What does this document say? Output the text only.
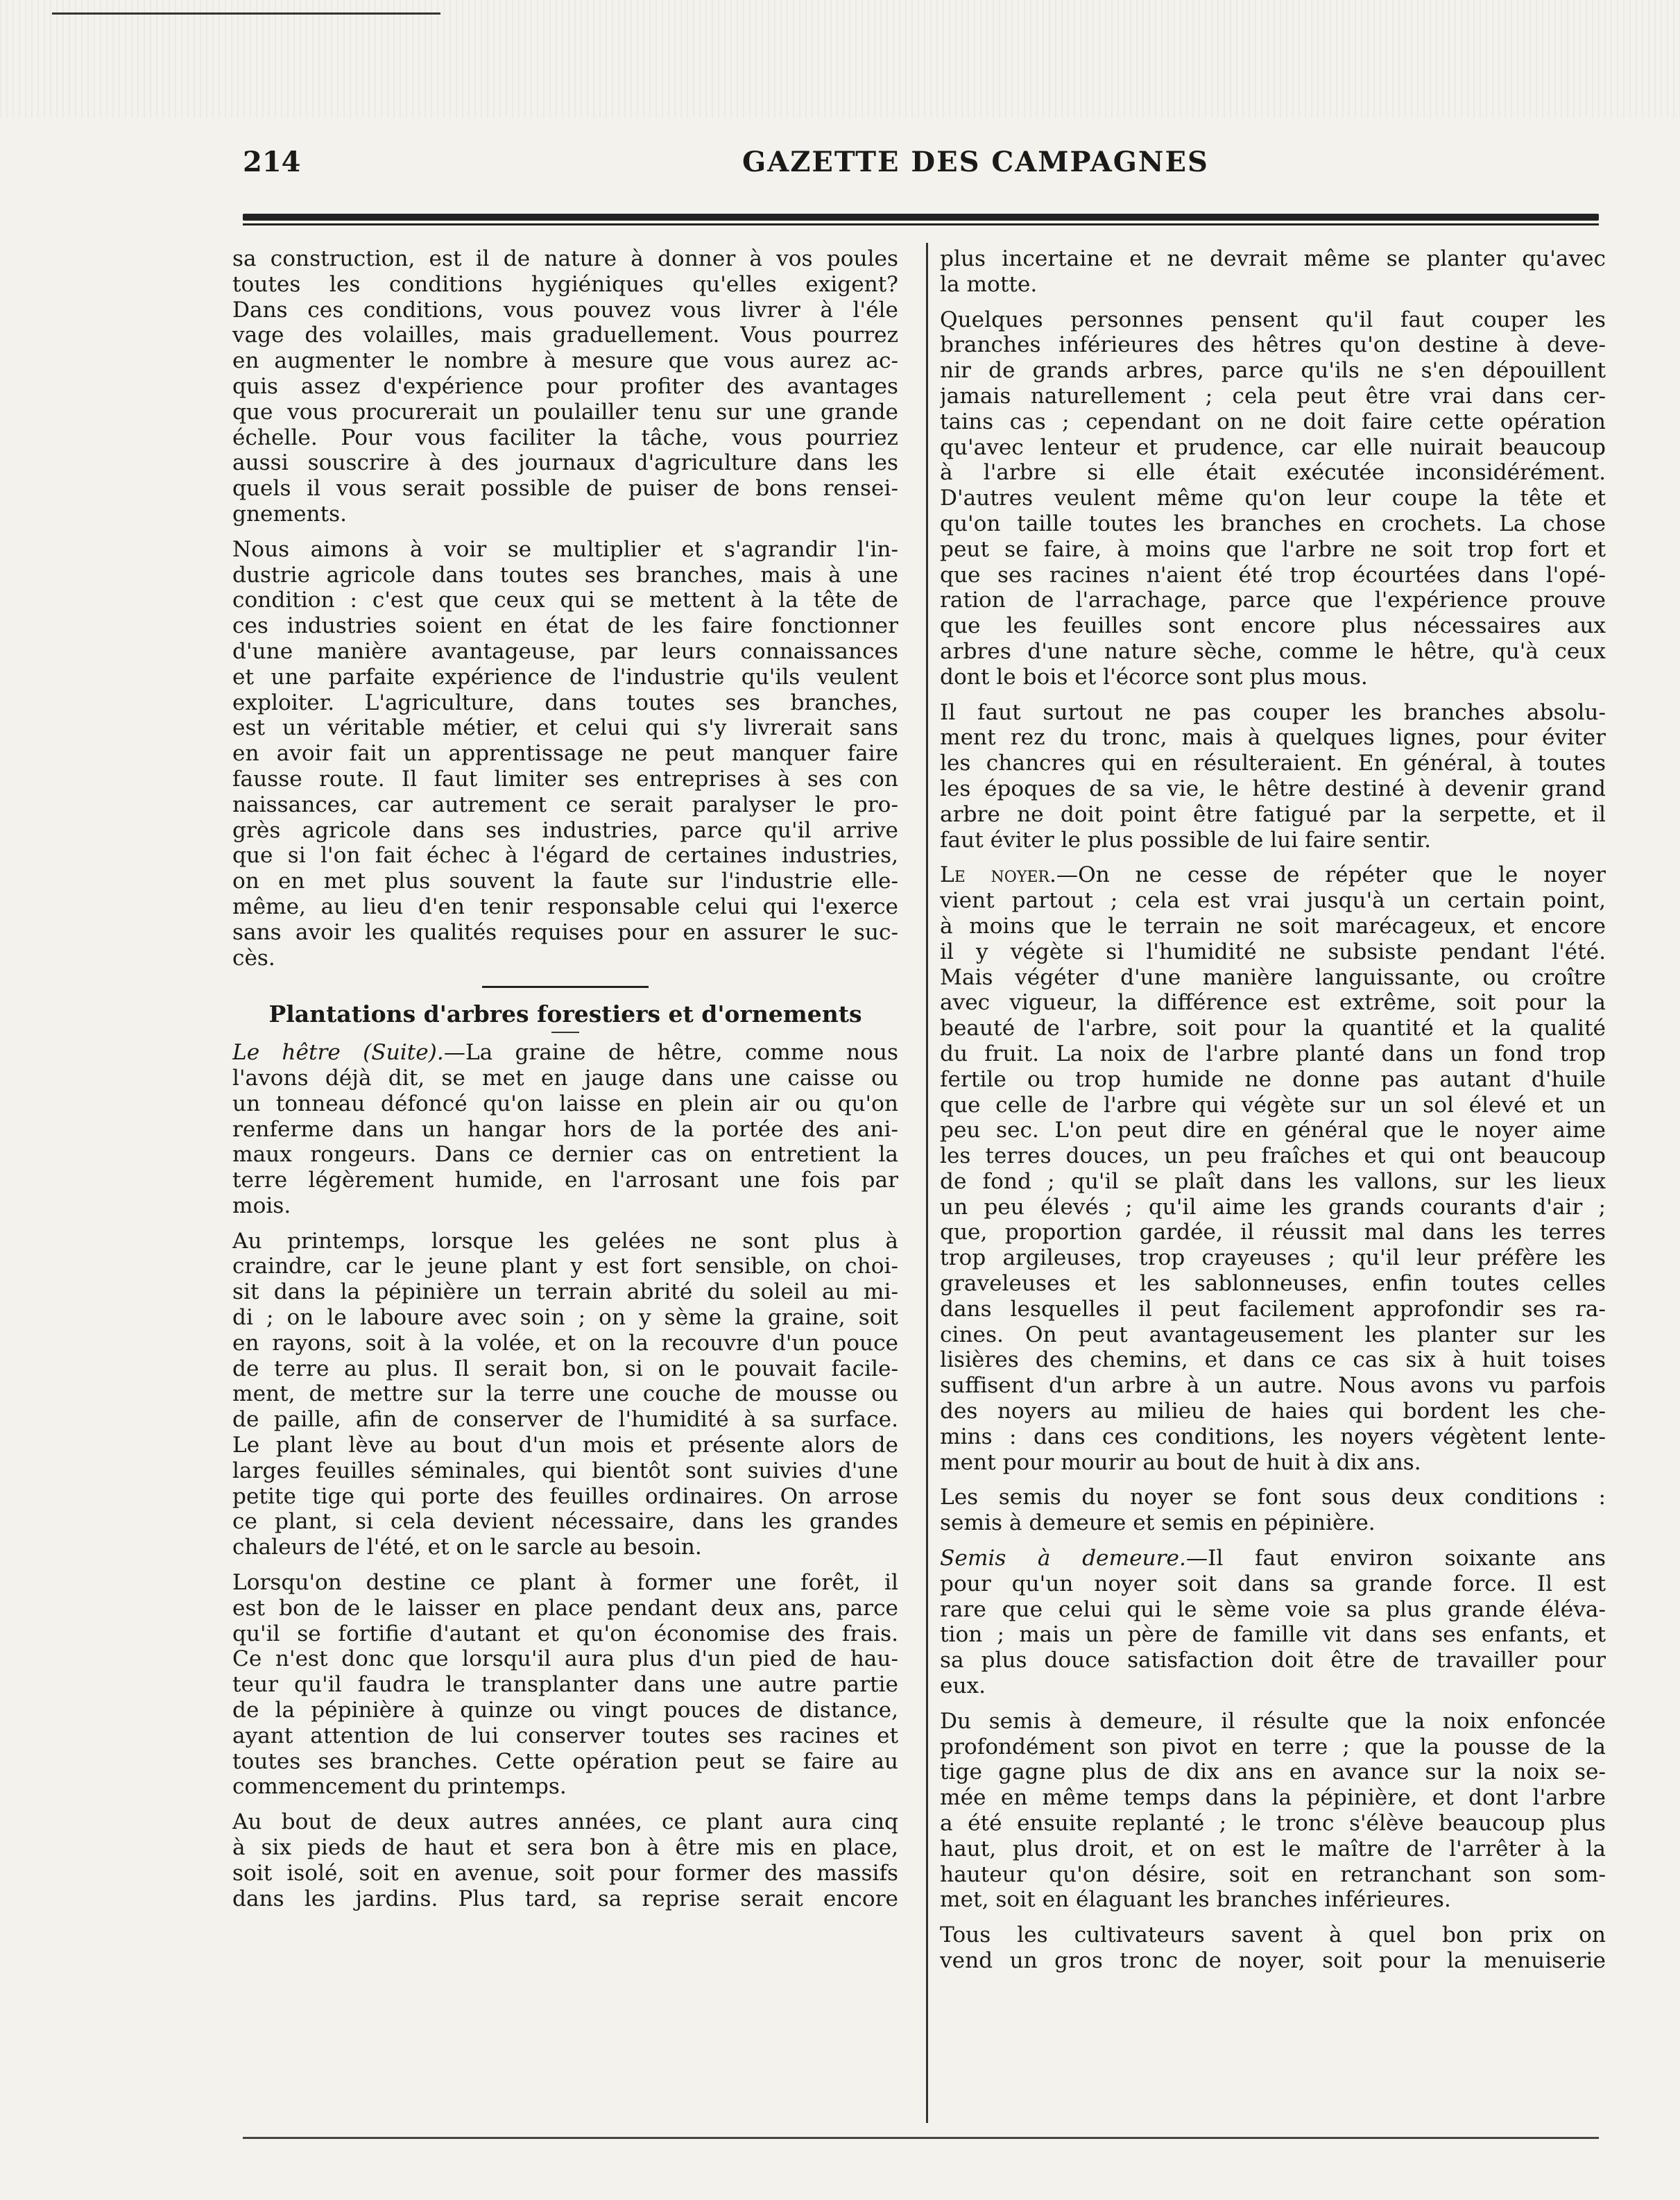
214	GAZETTE DES CAMPAGNES
sa construction, est il de nature à donner à vos poules
toutes les conditions hygiéniques qu'elles exigent?
Dans ces conditions, vous pouvez vous livrer à l'éle
vage des volailles, mais graduellement. Vous pourrez
en augmenter le nombre à mesure que vous aurez ac-
quis assez d'expérience pour profiter des avantages
que vous procurerait un poulailler tenu sur une grande
échelle. Pour vous faciliter la tâche, vous pourriez
aussi souscrire à des journaux d'agriculture dans les
quels il vous serait possible de puiser de bons rensei-
gnements.
Nous aimons à voir se multiplier et s'agrandir l'in-
dustrie agricole dans toutes ses branches, mais à une
condition : c'est que ceux qui se mettent à la tête de
ces industries soient en état de les faire fonctionner
d'une manière avantageuse, par leurs connaissances
et une parfaite expérience de l'industrie qu'ils veulent
exploiter. L'agriculture, dans toutes ses branches,
est un véritable métier, et celui qui s'y livrerait sans
en avoir fait un apprentissage ne peut manquer faire
fausse route. Il faut limiter ses entreprises à ses con
naissances, car autrement ce serait paralyser le pro-
grès agricole dans ses industries, parce qu'il arrive
que si l'on fait échec à l'égard de certaines industries,
on en met plus souvent la faute sur l'industrie elle-
même, au lieu d'en tenir responsable celui qui l'exerce
sans avoir les qualités requises pour en assurer le suc-
cès.
Plantations d'arbres forestiers et d'ornements
Le hêtre (Suite).—La graine de hêtre, comme nous
l'avons déjà dit, se met en jauge dans une caisse ou
un tonneau défoncé qu'on laisse en plein air ou qu'on
renferme dans un hangar hors de la portée des ani-
maux rongeurs. Dans ce dernier cas on entretient la
terre légèrement humide, en l'arrosant une fois par
mois.
Au printemps, lorsque les gelées ne sont plus à
craindre, car le jeune plant y est fort sensible, on choi-
sit dans la pépinière un terrain abrité du soleil au mi-
di ; on le laboure avec soin ; on y sème la graine, soit
en rayons, soit à la volée, et on la recouvre d'un pouce
de terre au plus. Il serait bon, si on le pouvait facile-
ment, de mettre sur la terre une couche de mousse ou
de paille, afin de conserver de l'humidité à sa surface.
Le plant lève au bout d'un mois et présente alors de
larges feuilles séminales, qui bientôt sont suivies d'une
petite tige qui porte des feuilles ordinaires. On arrose
ce plant, si cela devient nécessaire, dans les grandes
chaleurs de l'été, et on le sarcle au besoin.
Lorsqu'on destine ce plant à former une forêt, il
est bon de le laisser en place pendant deux ans, parce
qu'il se fortifie d'autant et qu'on économise des frais.
Ce n'est donc que lorsqu'il aura plus d'un pied de hau-
teur qu'il faudra le transplanter dans une autre partie
de la pépinière à quinze ou vingt pouces de distance,
ayant attention de lui conserver toutes ses racines et
toutes ses branches. Cette opération peut se faire au
commencement du printemps.
Au bout de deux autres années, ce plant aura cinq
à six pieds de haut et sera bon à être mis en place,
soit isolé, soit en avenue, soit pour former des massifs
dans les jardins. Plus tard, sa reprise serait encore
plus incertaine et ne devrait même se planter qu'avec
la motte.
Quelques personnes pensent qu'il faut couper les
branches inférieures des hêtres qu'on destine à deve-
nir de grands arbres, parce qu'ils ne s'en dépouillent
jamais naturellement ; cela peut être vrai dans cer-
tains cas ; cependant on ne doit faire cette opération
qu'avec lenteur et prudence, car elle nuirait beaucoup
à l'arbre si elle était exécutée inconsidérément.
D'autres veulent même qu'on leur coupe la tête et
qu'on taille toutes les branches en crochets. La chose
peut se faire, à moins que l'arbre ne soit trop fort et
que ses racines n'aient été trop écourtées dans l'opé-
ration de l'arrachage, parce que l'expérience prouve
que les feuilles sont encore plus nécessaires aux
arbres d'une nature sèche, comme le hêtre, qu'à ceux
dont le bois et l'écorce sont plus mous.
Il faut surtout ne pas couper les branches absolu-
ment rez du tronc, mais à quelques lignes, pour éviter
les chancres qui en résulteraient. En général, à toutes
les époques de sa vie, le hêtre destiné à devenir grand
arbre ne doit point être fatigué par la serpette, et il
faut éviter le plus possible de lui faire sentir.
Le noyer.—On ne cesse de répéter que le noyer
vient partout ; cela est vrai jusqu'à un certain point,
à moins que le terrain ne soit marécageux, et encore
il y végète si l'humidité ne subsiste pendant l'été.
Mais végéter d'une manière languissante, ou croître
avec vigueur, la différence est extrême, soit pour la
beauté de l'arbre, soit pour la quantité et la qualité
du fruit. La noix de l'arbre planté dans un fond trop
fertile ou trop humide ne donne pas autant d'huile
que celle de l'arbre qui végète sur un sol élevé et un
peu sec. L'on peut dire en général que le noyer aime
les terres douces, un peu fraîches et qui ont beaucoup
de fond ; qu'il se plaît dans les vallons, sur les lieux
un peu élevés ; qu'il aime les grands courants d'air ;
que, proportion gardée, il réussit mal dans les terres
trop argileuses, trop crayeuses ; qu'il leur préfère les
graveleuses et les sablonneuses, enfin toutes celles
dans lesquelles il peut facilement approfondir ses ra-
cines. On peut avantageusement les planter sur les
lisières des chemins, et dans ce cas six à huit toises
suffisent d'un arbre à un autre. Nous avons vu parfois
des noyers au milieu de haies qui bordent les che-
mins : dans ces conditions, les noyers végètent lente-
ment pour mourir au bout de huit à dix ans.
Les semis du noyer se font sous deux conditions :
semis à demeure et semis en pépinière.
Semis à demeure.—Il faut environ soixante ans
pour qu'un noyer soit dans sa grande force. Il est
rare que celui qui le sème voie sa plus grande éléva-
tion ; mais un père de famille vit dans ses enfants, et
sa plus douce satisfaction doit être de travailler pour
eux.
Du semis à demeure, il résulte que la noix enfoncée
profondément son pivot en terre ; que la pousse de la
tige gagne plus de dix ans en avance sur la noix se-
mée en même temps dans la pépinière, et dont l'arbre
a été ensuite replanté ; le tronc s'élève beaucoup plus
haut, plus droit, et on est le maître de l'arrêter à la
hauteur qu'on désire, soit en retranchant son som-
met, soit en élaguant les branches inférieures.
Tous les cultivateurs savent à quel bon prix on
vend un gros tronc de noyer, soit pour la menuiserie
